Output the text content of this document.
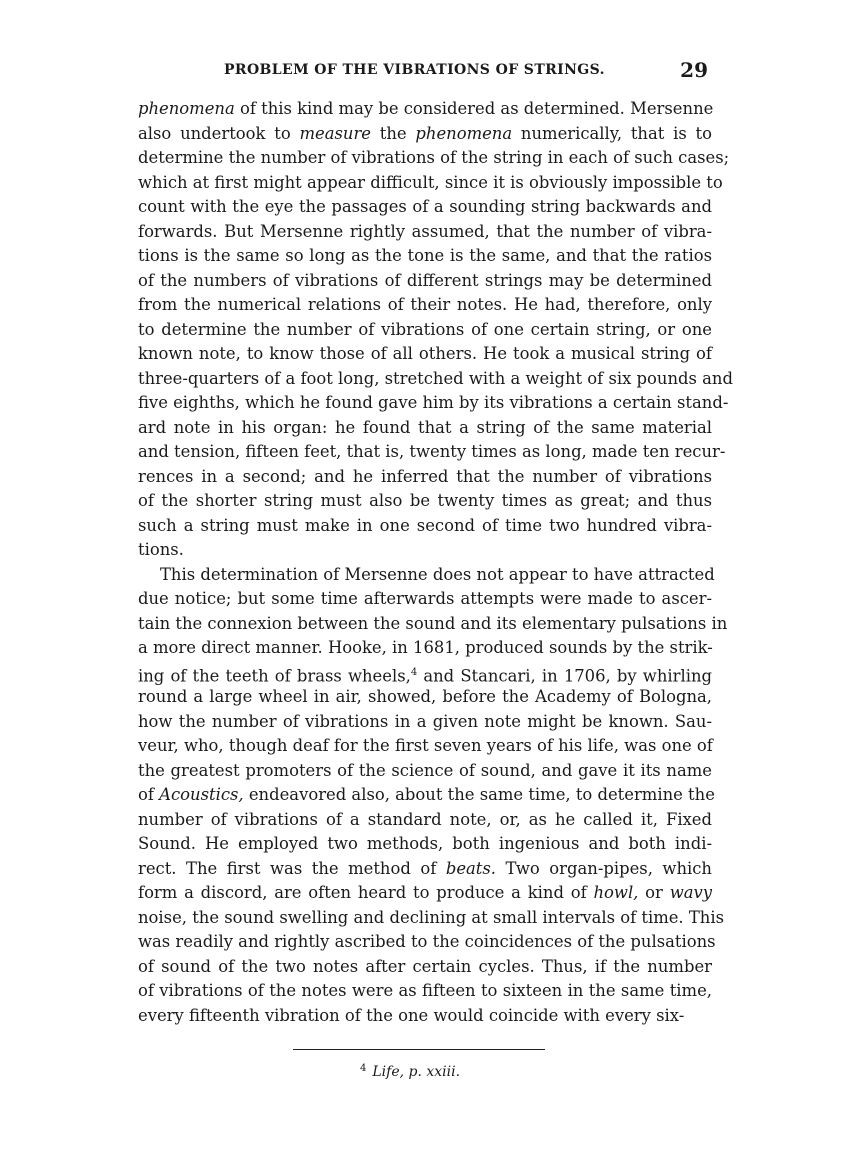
PROBLEM OF THE VIBRATIONS OF STRINGS.	29
phenomena of this kind may be considered as determined. Mersenne
also undertook to measure the phenomena numerically, that is to
determine the number of vibrations of the string in each of such cases;
which at first might appear difficult, since it is obviously impossible to
count with the eye the passages of a sounding string backwards and
forwards. But Mersenne rightly assumed, that the number of vibra-
tions is the same so long as the tone is the same, and that the ratios
of the numbers of vibrations of different strings may be determined
from the numerical relations of their notes. He had, therefore, only
to determine the number of vibrations of one certain string, or one
known note, to know those of all others. He took a musical string of
three-quarters of a foot long, stretched with a weight of six pounds and
five eighths, which he found gave him by its vibrations a certain stand-
ard note in his organ: he found that a string of the same material
and tension, fifteen feet, that is, twenty times as long, made ten recur-
rences in a second; and he inferred that the number of vibrations
of the shorter string must also be twenty times as great; and thus
such a string must make in one second of time two hundred vibra-
tions.
This determination of Mersenne does not appear to have attracted
due notice; but some time afterwards attempts were made to ascer-
tain the connexion between the sound and its elementary pulsations in
a more direct manner. Hooke, in 1681, produced sounds by the strik-
ing of the teeth of brass wheels,$^4$ and Stancari, in 1706, by whirling
round a large wheel in air, showed, before the Academy of Bologna,
how the number of vibrations in a given note might be known. Sau-
veur, who, though deaf for the first seven years of his life, was one of
the greatest promoters of the science of sound, and gave it its name
of Acoustics, endeavored also, about the same time, to determine the
number of vibrations of a standard note, or, as he called it, Fixed
Sound. He employed two methods, both ingenious and both indi-
rect. The first was the method of beats. Two organ-pipes, which
form a discord, are often heard to produce a kind of howl, or wavy
noise, the sound swelling and declining at small intervals of time. This
was readily and rightly ascribed to the coincidences of the pulsations
of sound of the two notes after certain cycles. Thus, if the number
of vibrations of the notes were as fifteen to sixteen in the same time,
every fifteenth vibration of the one would coincide with every six-
$^4$ Life, p. xxiii.
